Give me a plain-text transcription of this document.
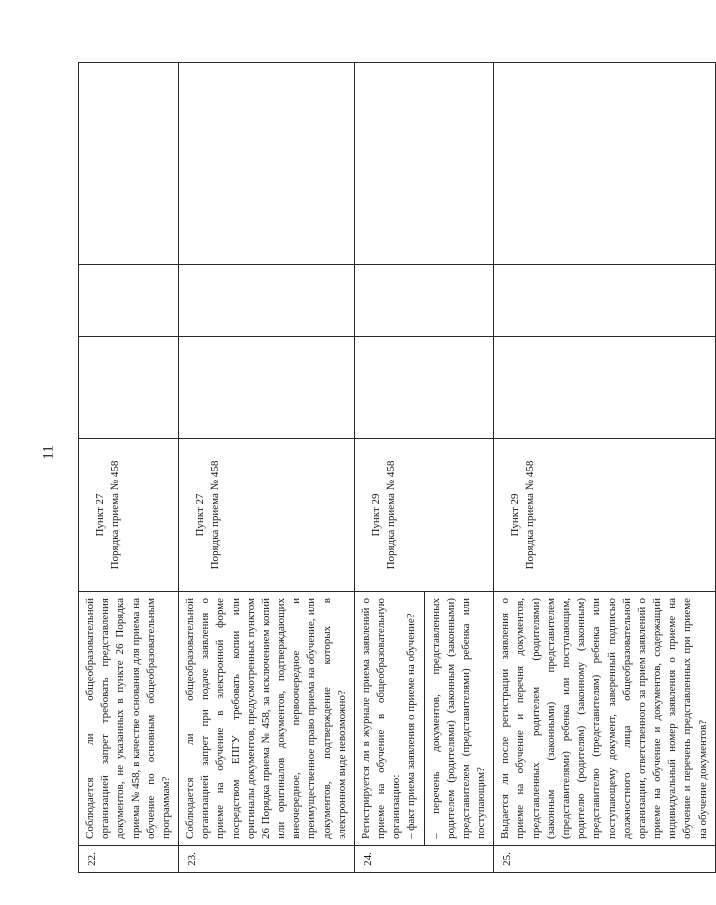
11
22.	Соблюдается ли общеобразовательной организацией запрет требовать представления документов, не указанных в пункте 26 Порядка приема № 458, в качестве основания для приема на обучение по основным общеобразовательным программам?	Пункт 27 Порядка приема № 458			

23.	Соблюдается ли общеобразовательной организацией запрет при подаче заявления о приеме на обучение в электронной форме посредством ЕПГУ требовать копии или оригиналы документов, предусмотренных пунктом 26 Порядка приема № 458, за исключением копий или оригиналов документов, подтверждающих внеочередное, первоочередное и преимущественное право приема на обучение, или документов, подтверждение которых в электронном виде невозможно?	Пункт 27 Порядка приема № 458			

24.	Регистрируется ли в журнале приема заявлений о приеме на обучение в общеобразовательную организацию: – факт приема заявления о приеме на обучение? – перечень документов, представленных родителем (родителями) (законным (законными) представителем (представителями) ребенка или поступающим?	Пункт 29 Порядка приема № 458			

25.	Выдается ли после регистрации заявления о приеме на обучение и перечня документов, представленных родителем (родителями) (законным (законными) представителем (представителями) ребенка или поступающим, родителю (родителям) (законному (законным) представителю (представителям) ребенка или поступающему документ, заверенный подписью должностного лица общеобразовательной организации, ответственного за прием заявлений о приеме на обучение и документов, содержащий индивидуальный номер заявления о приеме на обучение и перечень представленных при приеме на обучение документов?	Пункт 29 Порядка приема № 458			
